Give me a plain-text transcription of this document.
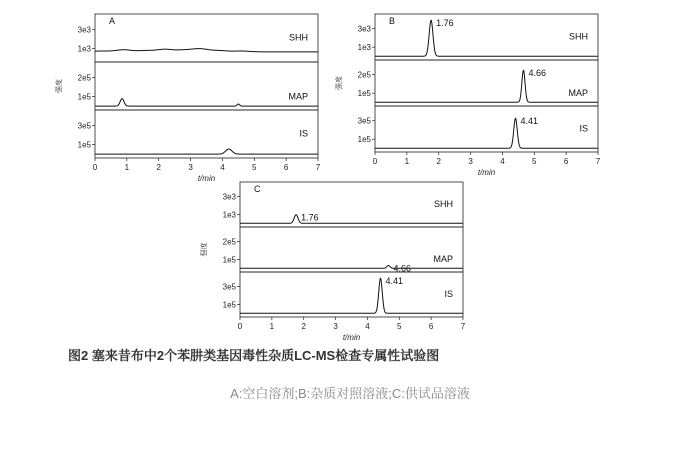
A
3e3
1e3
SHH
2e5
1e5	MAP
3e5
1e5
IS
0	1	2	3	4	5	6	7
t/min
强度
B
3e3
1e3
SHH
1.76
2e5
1e5	MAP
4.66
3e5
1e5
IS
4.41
0	1	2	3	4	5	6	7
t/min
强度
C
3e3
1e3
SHH
1.76
2e5
1e5	MAP
4.66
3e5
1e5
IS
4.41
0	1	2	3	4	5	6	7
t/min
强度
图2 塞来昔布中2个苯肼类基因毒性杂质LC-MS检查专属性试验图
A:空白溶剂;B:杂质对照溶液;C:供试品溶液
